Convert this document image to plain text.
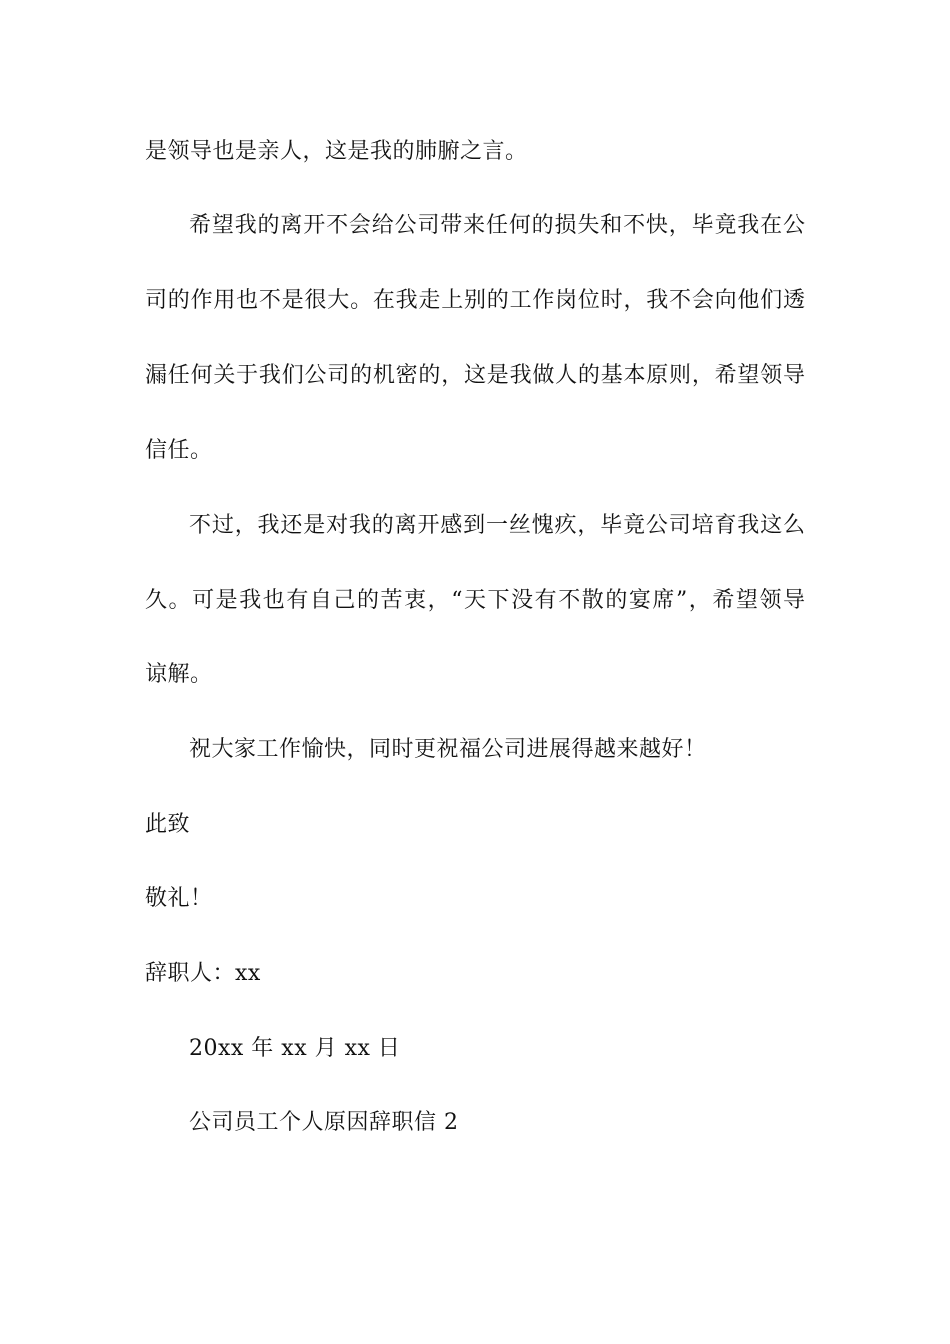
是领导也是亲人，这是我的肺腑之言。
希望我的离开不会给公司带来任何的损失和不快，毕竟我在公
司的作用也不是很大。在我走上别的工作岗位时，我不会向他们透
漏任何关于我们公司的机密的，这是我做人的基本原则，希望领导
信任。
不过，我还是对我的离开感到一丝愧疚，毕竟公司培育我这么
久。可是我也有自己的苦衷，“天下没有不散的宴席”，希望领导
谅解。
祝大家工作愉快，同时更祝福公司进展得越来越好！
此致
敬礼！
辞职人：xx
20xx 年 xx 月 xx 日
公司员工个人原因辞职信 2
